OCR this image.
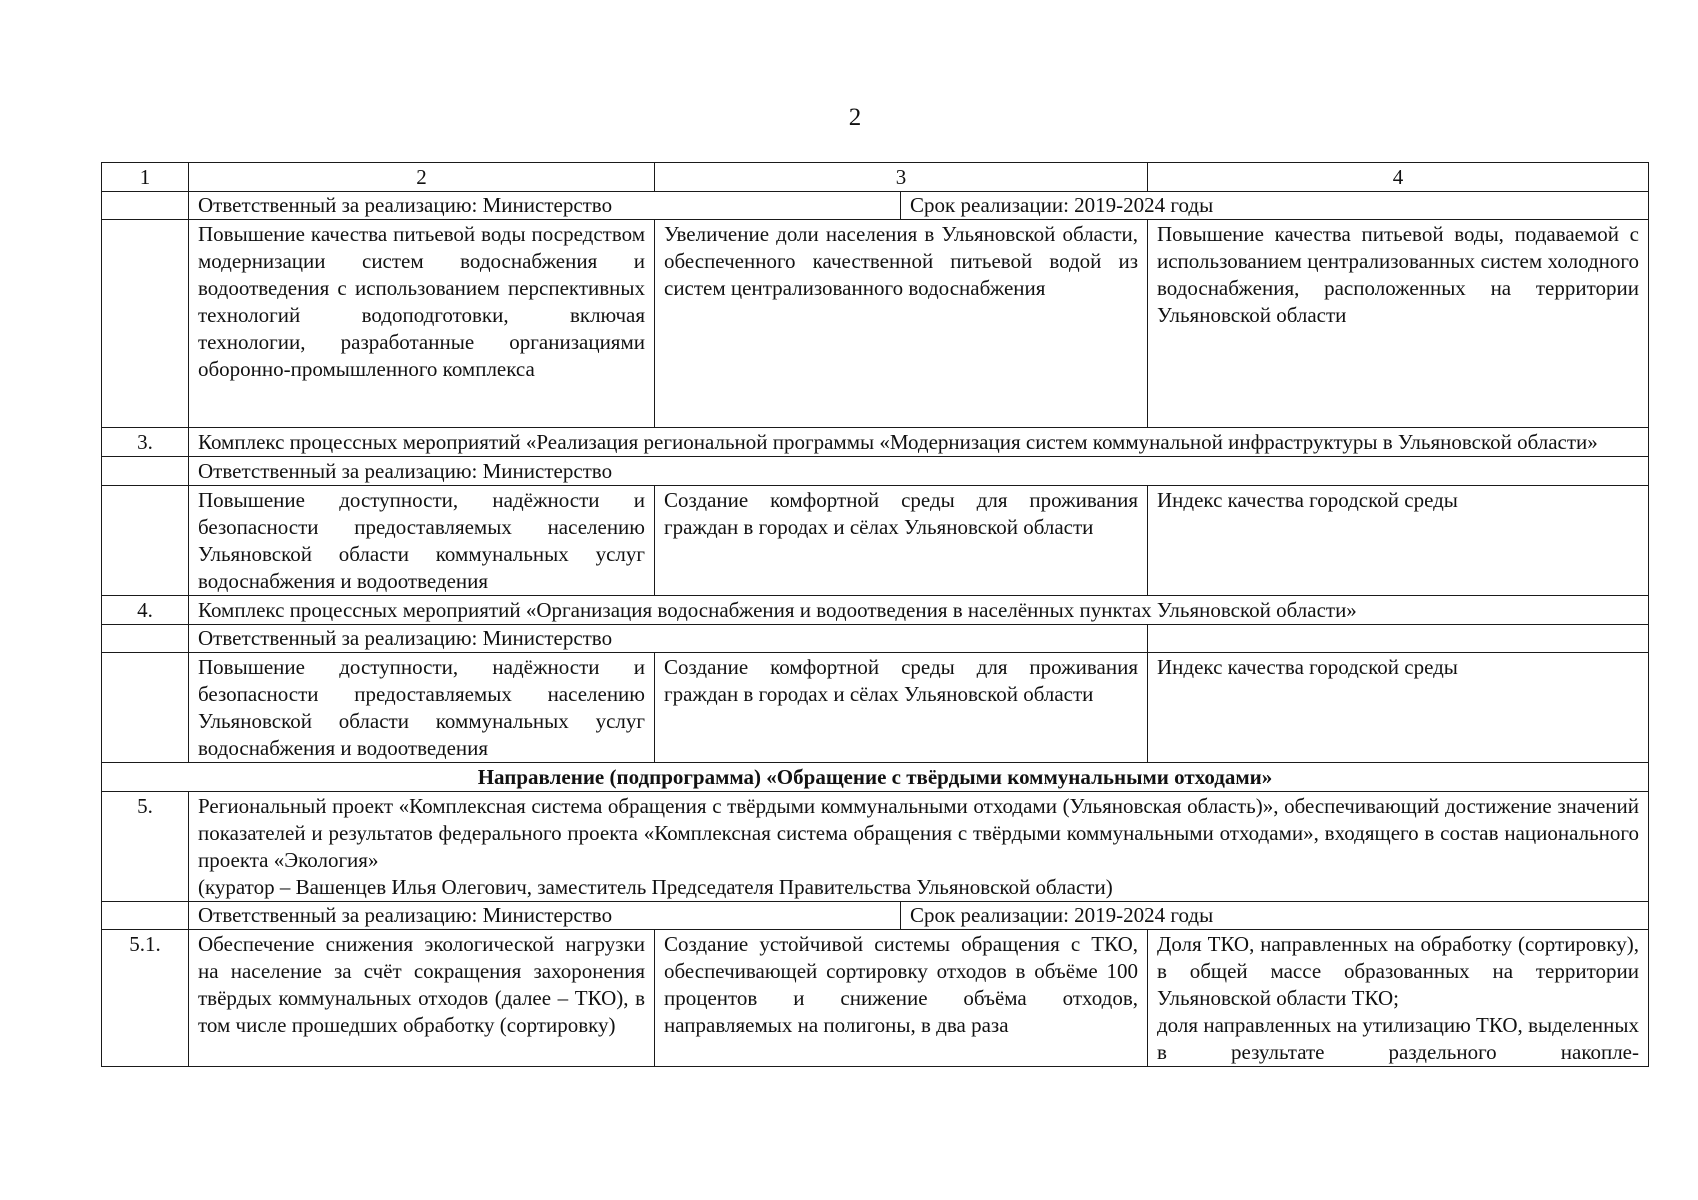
2
1	2	3	4

	Ответственный за реализацию: Министерство Срок реализации: 2019-2024 годы		

	Повышение качества питьевой воды посредством модернизации систем водоснабжения и водоотведения с использованием перспективных технологий водоподготовки, включая технологии, разработанные организациями оборонно-промышленного комплекса	Увеличение доли населения в Ульяновской области, обеспеченного качественной питьевой водой из систем централизованного водоснабжения	Повышение качества питьевой воды, подаваемой с использованием централизованных систем холодного водоснабжения, расположенных на территории Ульяновской области
3.	Комплекс процессных мероприятий «Реализация региональной программы «Модернизация систем коммунальной инфраструктуры в Ульяновской области»		
	Ответственный за реализацию: Министерство		
	Повышение доступности, надёжности и безопасности предоставляемых населению Ульяновской области коммунальных услуг водоснабжения и водоотведения	Создание комфортной среды для проживания граждан в городах и сёлах Ульяновской области	Индекс качества городской среды
4.	Комплекс процессных мероприятий «Организация водоснабжения и водоотведения в населённых пунктах Ульяновской области»		

	Ответственный за реализацию: Министерство		

	Повышение доступности, надёжности и безопасности предоставляемых населению Ульяновской области коммунальных услуг водоснабжения и водоотведения	Создание комфортной среды для проживания граждан в городах и сёлах Ульяновской области	Индекс качества городской среды
Направление (подпрограмма) «Обращение с твёрдыми коммунальными отходами»			
5.	Региональный проект «Комплексная система обращения с твёрдыми коммунальными отходами (Ульяновская область)», обеспечивающий достижение значений показателей и результатов федерального проекта «Комплексная система обращения с твёрдыми коммунальными отходами», входящего в состав национального проекта «Экология»
(куратор – Вашенцев Илья Олегович, заместитель Председателя Правительства Ульяновской области)		

	Ответственный за реализацию: Министерство Срок реализации: 2019-2024 годы		

5.1.	Обеспечение снижения экологической нагрузки на население за счёт сокращения захоронения твёрдых коммунальных отходов (далее – ТКО), в том числе прошедших обработку (сортировку)	Создание устойчивой системы обращения с ТКО, обеспечивающей сортировку отходов в объёме 100 процентов и снижение объёма отходов, направляемых на полигоны, в два раза	Доля ТКО, направленных на обработку (сортировку), в общей массе образованных на территории Ульяновской области ТКО;
доля направленных на утилизацию ТКО, выделенных в результате раздельного накопле-
